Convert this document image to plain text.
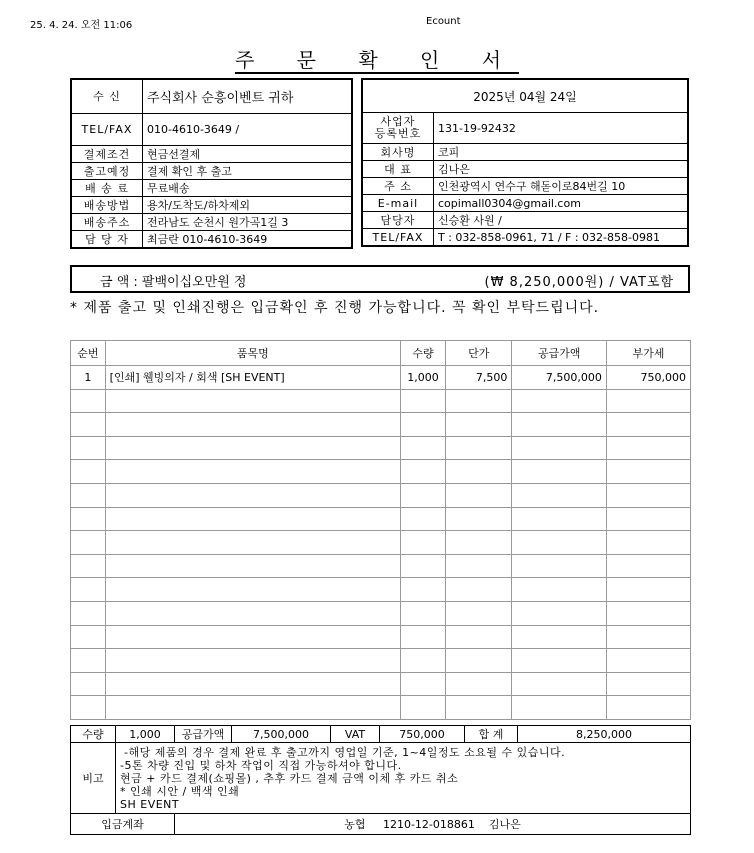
25. 4. 24. 오전 11:06	Ecount
주 문 확 인 서
수 신	주식회사 순흥이벤트 귀하
TEL/FAX	010-4610-3649 /
결제조건	현금선결제
출고예정	결제 확인 후 출고
배 송 료	무료배송
배송방법	용차/도착도/하차제외
배송주소	전라남도 순천시 원가곡1길 3
담 당 자	최금란 010-4610-3649
2025년 04월 24일	
사업자
등록번호	131-19-92432
회사명	코피
대 표	김나은
주 소	인천광역시 연수구 해돋이로84번길 10
E-mail	copimall0304@gmail.com
담당자	신승환 사원 /
TEL/FAX	T : 032-858-0961, 71 / F : 032-858-0981
금 액 : 팔백이십오만원 정	(₩ 8,250,000원) / VAT포함
* 제품 출고 및 인쇄진행은 입금확인 후 진행 가능합니다. 꼭 확인 부탁드립니다.
순번	품목명	수량	단가	공급가액	부가세
1	[인쇄] 웰빙의자 / 회색 [SH EVENT]	1,000	7,500	7,500,000	750,000

수량	1,000	공급가액	7,500,000	VAT	750,000	합 계	8,250,000
비고	-해당 제품의 경우 결제 완료 후 출고까지 영업일 기준, 1~4일정도 소요될 수 있습니다.
-5톤 차량 진입 및 하차 작업이 직접 가능하셔야 합니다.
현금 + 카드 결제(쇼핑몰) , 추후 카드 결제 금액 이체 후 카드 취소
* 인쇄 시안 / 백색 인쇄
SH EVENT						

입금계좌		농협 1210-12-018861 김나은					
